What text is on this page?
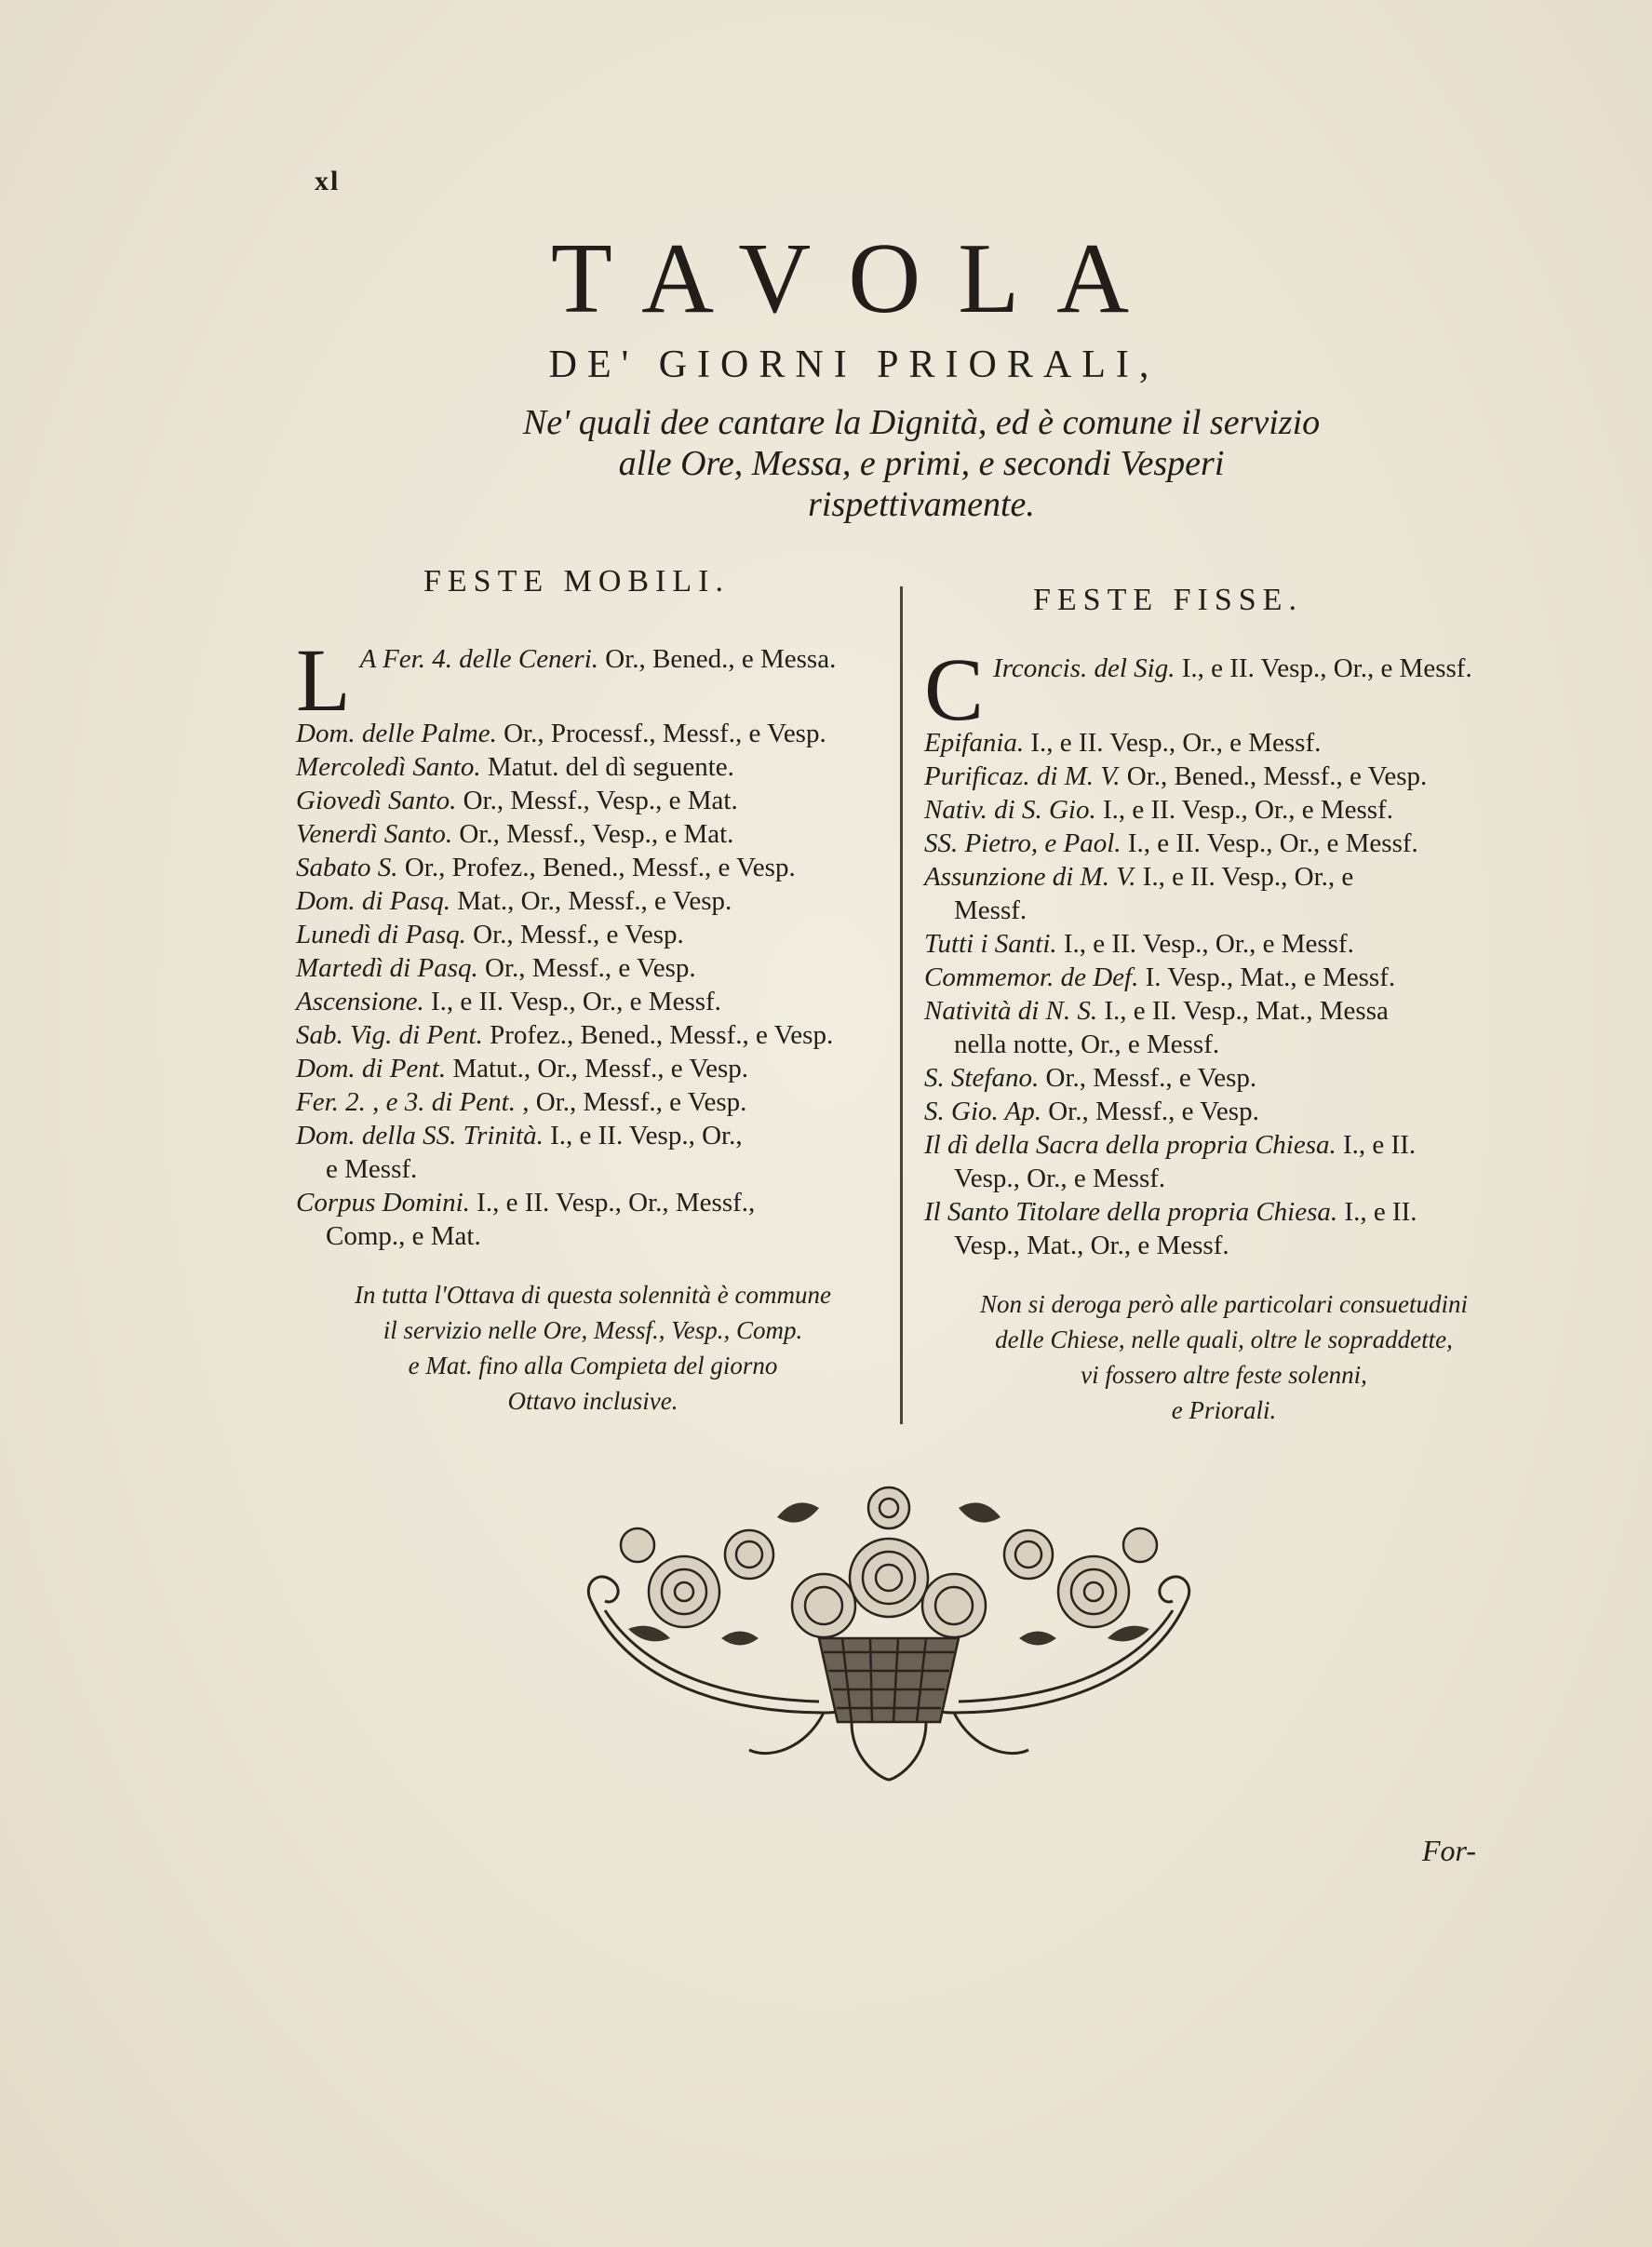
xl
TAVOLA
DE' GIORNI PRIORALI,
Ne' quali dee cantare la Dignità, ed è comune il servizio
alle Ore, Messa, e primi, e secondi Vesperi
rispettivamente.
FESTE MOBILI.
FESTE FISSE.
L A Fer. 4. delle Ceneri. Or., Bened., e Messa.
Dom. delle Palme. Or., Processf., Messf., e Vesp.
Mercoledì Santo. Matut. del dì seguente.
Giovedì Santo. Or., Messf., Vesp., e Mat.
Venerdì Santo. Or., Messf., Vesp., e Mat.
Sabato S. Or., Profez., Bened., Messf., e Vesp.
Dom. di Pasq. Mat., Or., Messf., e Vesp.
Lunedì di Pasq. Or., Messf., e Vesp.
Martedì di Pasq. Or., Messf., e Vesp.
Ascensione. I., e II. Vesp., Or., e Messf.
Sab. Vig. di Pent. Profez., Bened., Messf., e Vesp.
Dom. di Pent. Matut., Or., Messf., e Vesp.
Fer. 2. , e 3. di Pent. , Or., Messf., e Vesp.
Dom. della SS. Trinità. I., e II. Vesp., Or.,
e Messf.
Corpus Domini. I., e II. Vesp., Or., Messf.,
Comp., e Mat.
C Irconcis. del Sig. I., e II. Vesp., Or., e Messf.
Epifania. I., e II. Vesp., Or., e Messf.
Purificaz. di M. V. Or., Bened., Messf., e Vesp.
Nativ. di S. Gio. I., e II. Vesp., Or., e Messf.
SS. Pietro, e Paol. I., e II. Vesp., Or., e Messf.
Assunzione di M. V. I., e II. Vesp., Or., e
Messf.
Tutti i Santi. I., e II. Vesp., Or., e Messf.
Commemor. de Def. I. Vesp., Mat., e Messf.
Natività di N. S. I., e II. Vesp., Mat., Messa
nella notte, Or., e Messf.
S. Stefano. Or., Messf., e Vesp.
S. Gio. Ap. Or., Messf., e Vesp.
Il dì della Sacra della propria Chiesa. I., e II.
Vesp., Or., e Messf.
Il Santo Titolare della propria Chiesa. I., e II.
Vesp., Mat., Or., e Messf.
In tutta l'Ottava di questa solennità è commune
il servizio nelle Ore, Messf., Vesp., Comp.
e Mat. fino alla Compieta del giorno
Ottavo inclusive.
Non si deroga però alle particolari consuetudini
delle Chiese, nelle quali, oltre le sopraddette,
vi fossero altre feste solenni,
e Priorali.
For-
